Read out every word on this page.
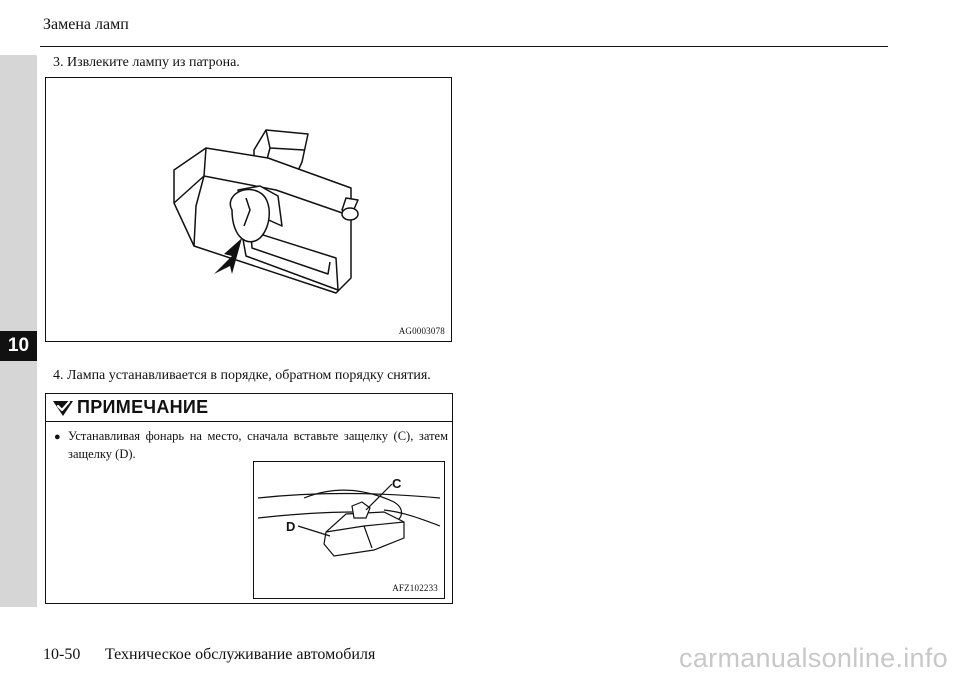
10
Замена ламп
3. Извлеките лампу из патрона.
AG0003078
4. Лампа устанавливается в порядке, обратном порядку снятия.
ПРИМЕЧАНИЕ
● Устанавливая фонарь на место, сначала вставьте защелку (C), затем защелку (D).
C
D
AFZ102233
10-50 Техническое обслуживание автомобиля	carmanualsonline.info
